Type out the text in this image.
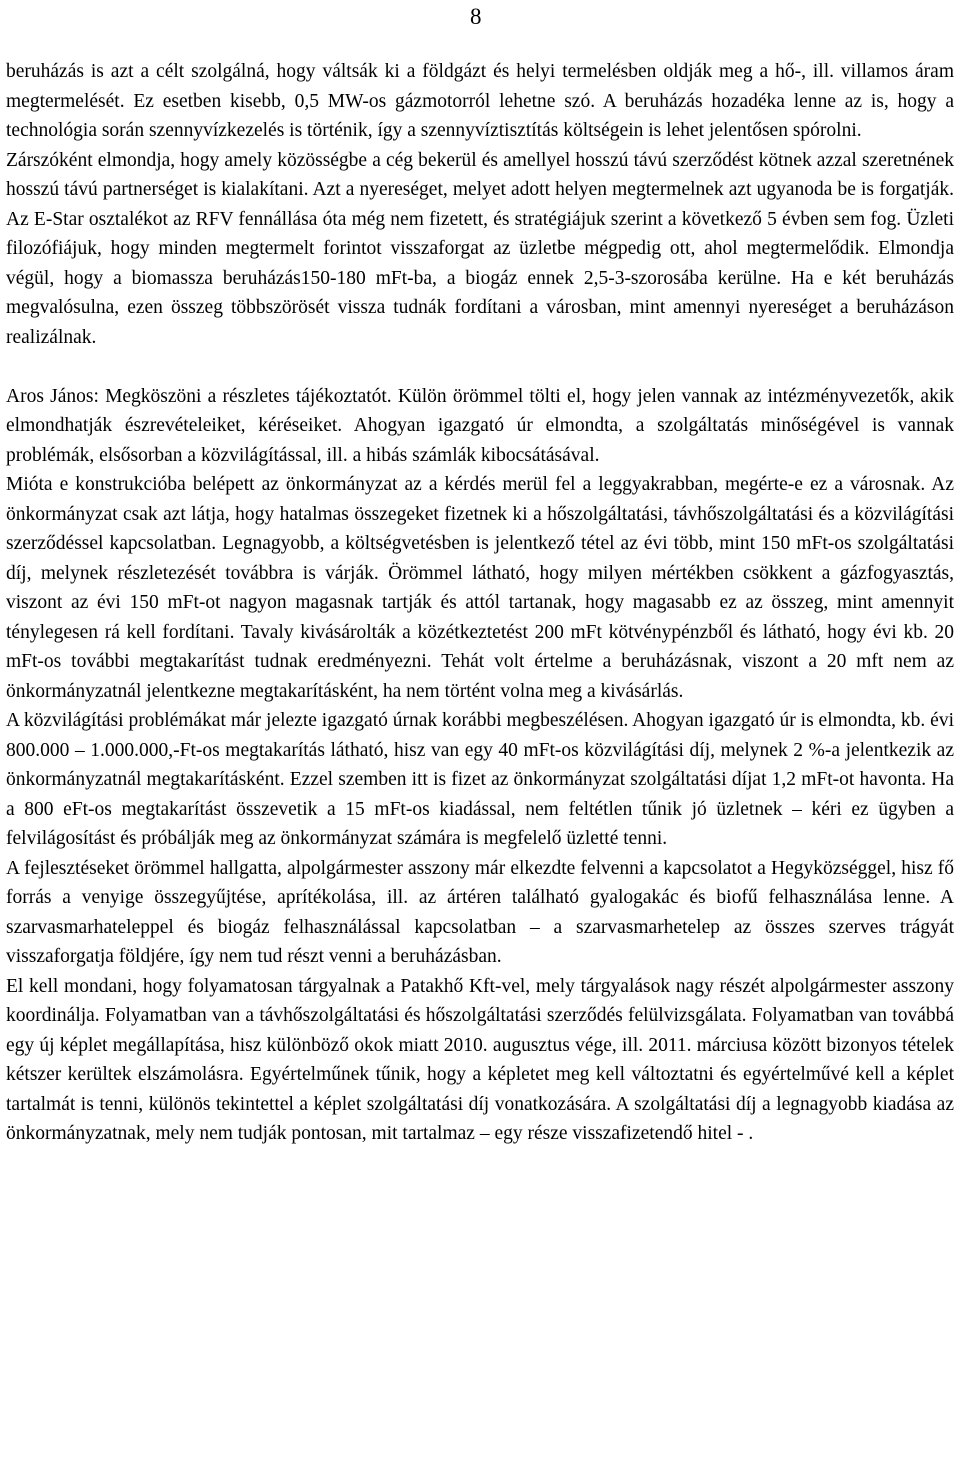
8

beruházás is azt a célt szolgálná, hogy váltsák ki a földgázt és helyi termelésben oldják meg a hő-, ill. villamos áram megtermelését. Ez esetben kisebb, 0,5 MW-os gázmotorról lehetne szó. A beruházás hozadéka lenne az is, hogy a technológia során szennyvízkezelés is történik, így a szennyvíztisztítás költségein is lehet jelentősen spórolni.

Zárszóként elmondja, hogy amely közösségbe a cég bekerül és amellyel hosszú távú szerződést kötnek azzal szeretnének hosszú távú partnerséget is kialakítani. Azt a nyereséget, melyet adott helyen megtermelnek azt ugyanoda be is forgatják. Az E-Star osztalékot az RFV fennállása óta még nem fizetett, és stratégiájuk szerint a következő 5 évben sem fog. Üzleti filozófiájuk, hogy minden megtermelt forintot visszaforgat az üzletbe mégpedig ott, ahol megtermelődik. Elmondja végül, hogy a biomassza beruházás150-180 mFt-ba, a biogáz ennek 2,5-3-szorosába kerülne. Ha e két beruházás megvalósulna, ezen összeg többszörösét vissza tudnák fordítani a városban, mint amennyi nyereséget a beruházáson realizálnak.

Aros János: Megköszöni a részletes tájékoztatót. Külön örömmel tölti el, hogy jelen vannak az intézményvezetők, akik elmondhatják észrevételeiket, kéréseiket. Ahogyan igazgató úr elmondta, a szolgáltatás minőségével is vannak problémák, elsősorban a közvilágítással, ill. a hibás számlák kibocsátásával.

Mióta e konstrukcióba belépett az önkormányzat az a kérdés merül fel a leggyakrabban, megérte-e ez a városnak. Az önkormányzat csak azt látja, hogy hatalmas összegeket fizetnek ki a hőszolgáltatási, távhőszolgáltatási és a közvilágítási szerződéssel kapcsolatban. Legnagyobb, a költségvetésben is jelentkező tétel az évi több, mint 150 mFt-os szolgáltatási díj, melynek részletezését továbbra is várják. Örömmel látható, hogy milyen mértékben csökkent a gázfogyasztás, viszont az évi 150 mFt-ot nagyon magasnak tartják és attól tartanak, hogy magasabb ez az összeg, mint amennyit ténylegesen rá kell fordítani. Tavaly kivásárolták a közétkeztetést 200 mFt kötvénypénzből és látható, hogy évi kb. 20 mFt-os további megtakarítást tudnak eredményezni. Tehát volt értelme a beruházásnak, viszont a 20 mft nem az önkormányzatnál jelentkezne megtakarításként, ha nem történt volna meg a kivásárlás.

A közvilágítási problémákat már jelezte igazgató úrnak korábbi megbeszélésen. Ahogyan igazgató úr is elmondta, kb. évi 800.000 – 1.000.000,-Ft-os megtakarítás látható, hisz van egy 40 mFt-os közvilágítási díj, melynek 2 %-a jelentkezik az önkormányzatnál megtakarításként. Ezzel szemben itt is fizet az önkormányzat szolgáltatási díjat 1,2 mFt-ot havonta. Ha a 800 eFt-os megtakarítást összevetik a 15 mFt-os kiadással, nem feltétlen tűnik jó üzletnek – kéri ez ügyben a felvilágosítást és próbálják meg az önkormányzat számára is megfelelő üzletté tenni.

A fejlesztéseket örömmel hallgatta, alpolgármester asszony már elkezdte felvenni a kapcsolatot a Hegyközséggel, hisz fő forrás a venyige összegyűjtése, aprítékolása, ill. az ártéren található gyalogakác és biofű felhasználása lenne. A szarvasmarhateleppel és biogáz felhasználással kapcsolatban – a szarvasmarhetelep az összes szerves trágyát visszaforgatja földjére, így nem tud részt venni a beruházásban.

El kell mondani, hogy folyamatosan tárgyalnak a Patakhő Kft-vel, mely tárgyalások nagy részét alpolgármester asszony koordinálja. Folyamatban van a távhőszolgáltatási és hőszolgáltatási szerződés felülvizsgálata. Folyamatban van továbbá egy új képlet megállapítása, hisz különböző okok miatt 2010. augusztus vége, ill. 2011. márciusa között bizonyos tételek kétszer kerültek elszámolásra. Egyértelműnek tűnik, hogy a képletet meg kell változtatni és egyértelművé kell a képlet tartalmát is tenni, különös tekintettel a képlet szolgáltatási díj vonatkozására. A szolgáltatási díj a legnagyobb kiadása az önkormányzatnak, mely nem tudják pontosan, mit tartalmaz – egy része visszafizetendő hitel - .
